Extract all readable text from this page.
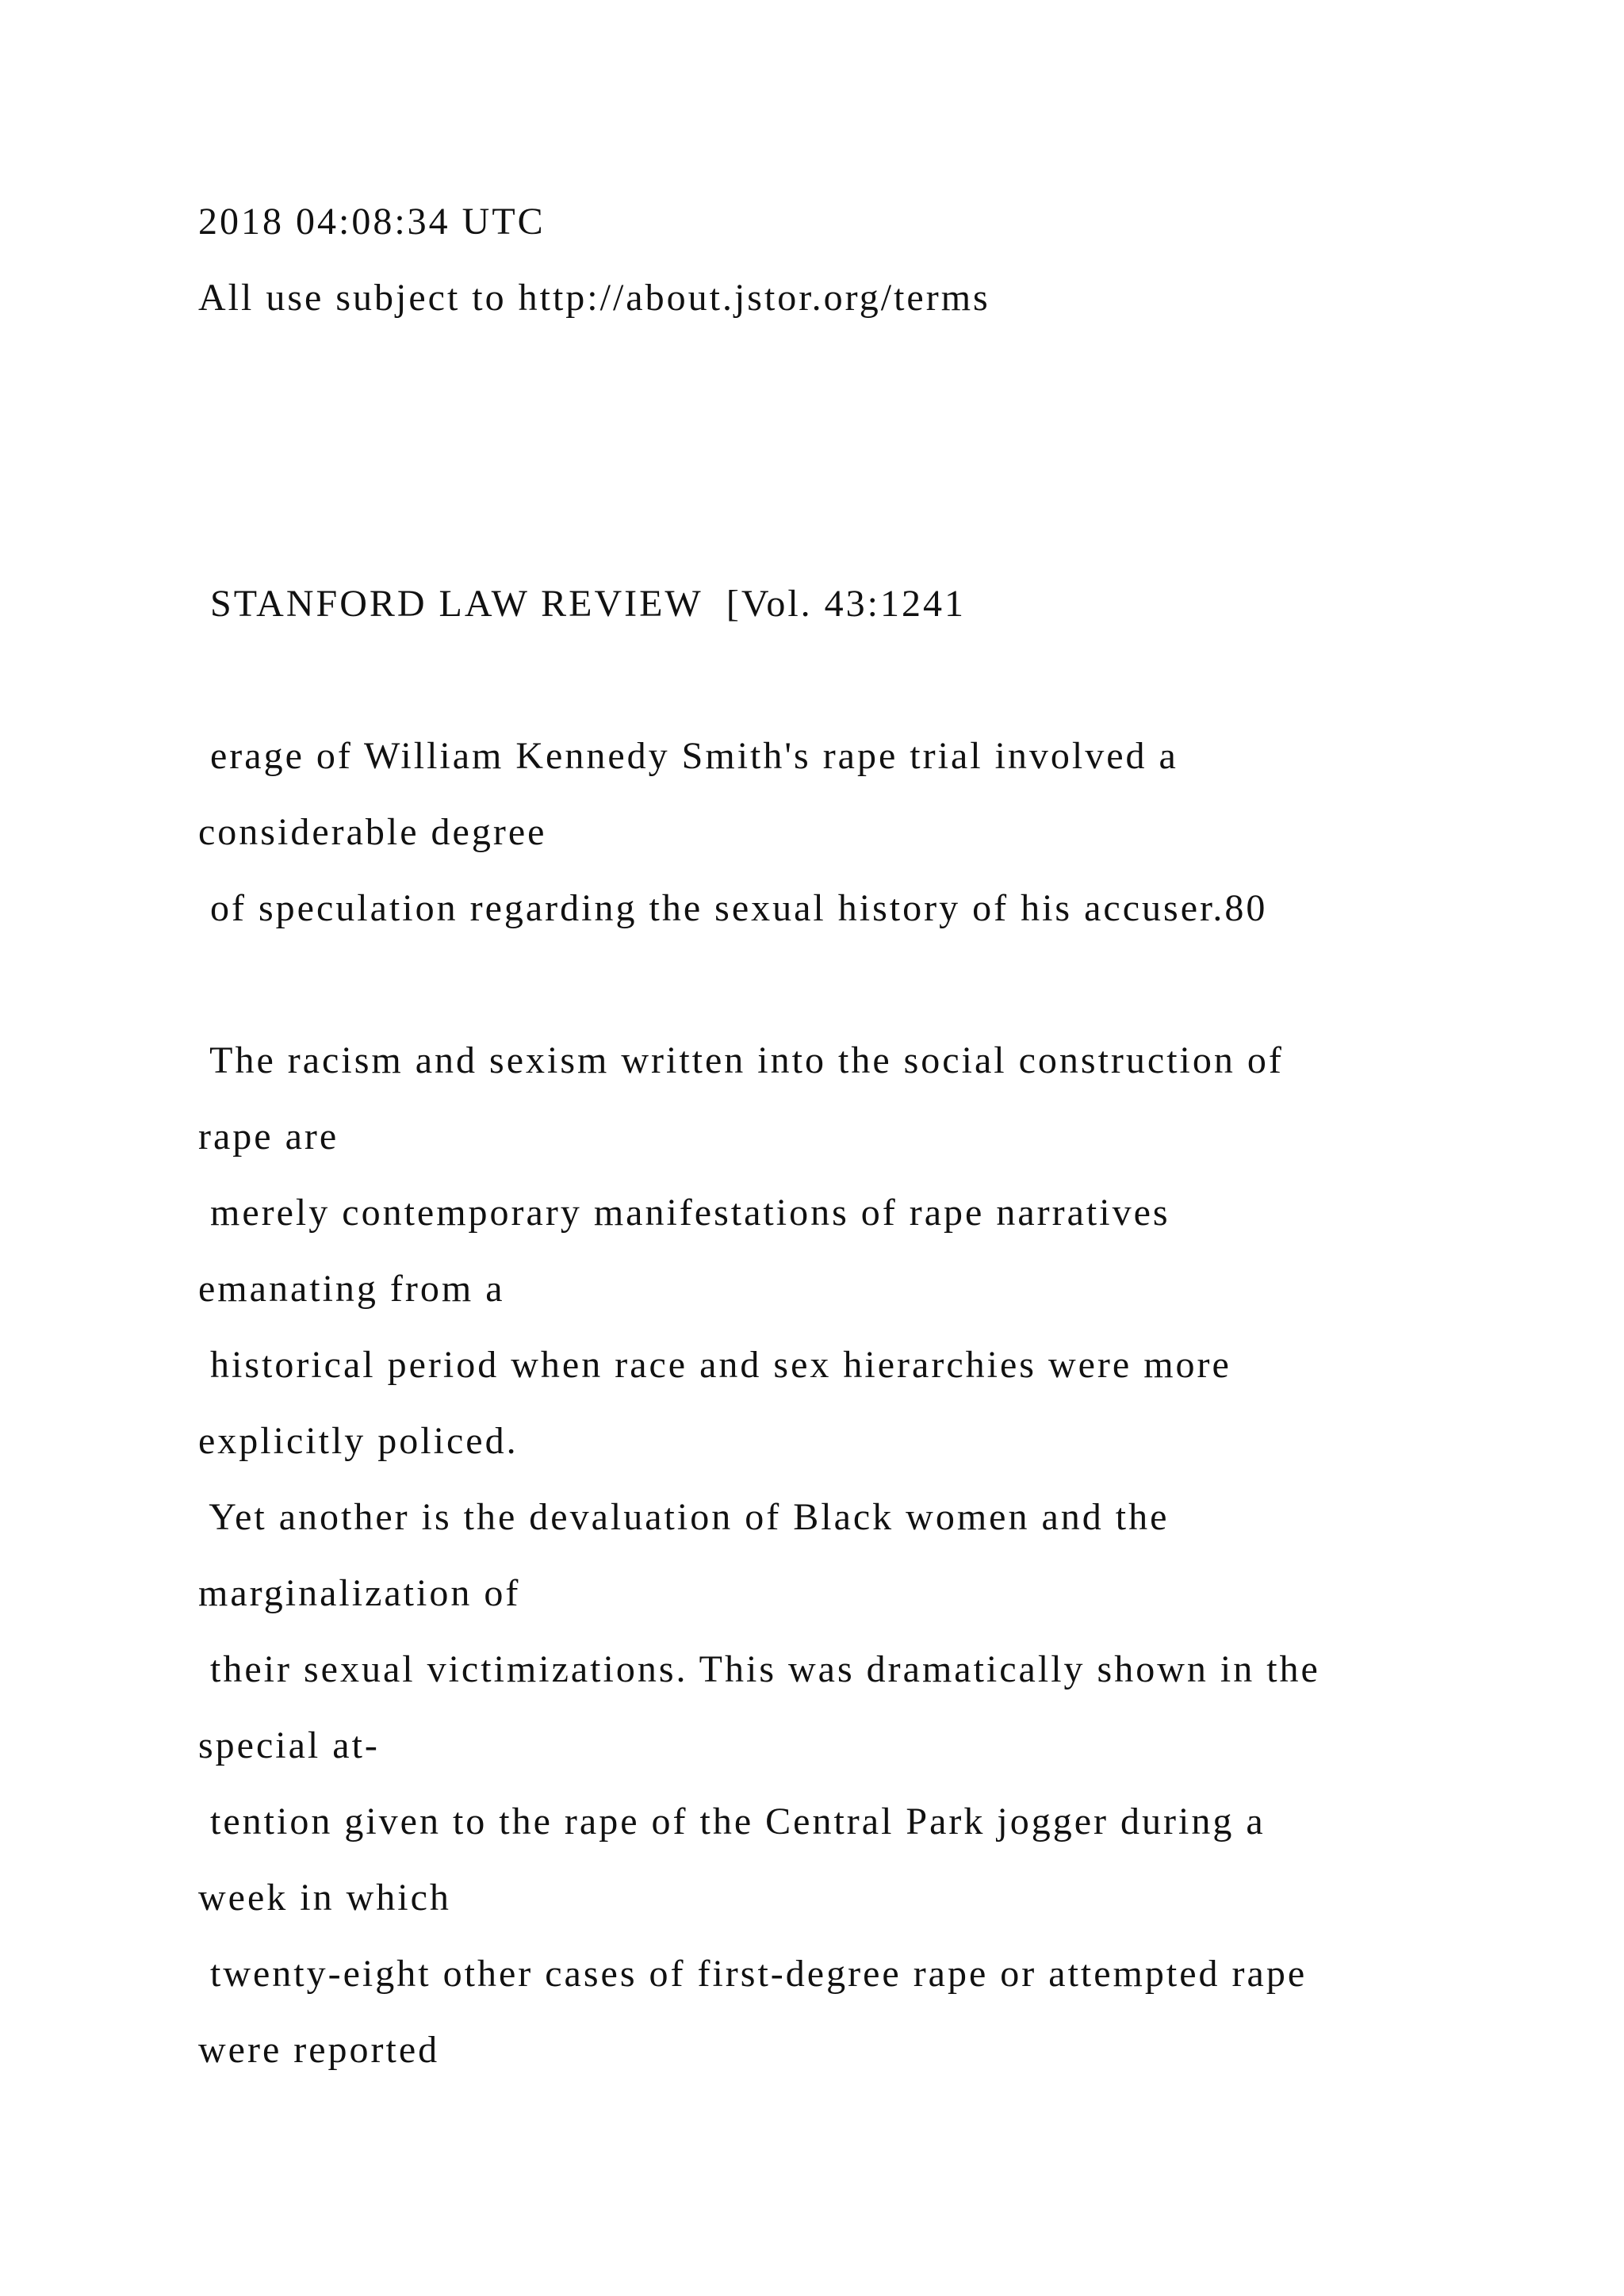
2018 04:08:34 UTC
All use subject to http://about.jstor.org/terms
STANFORD LAW REVIEW  [Vol. 43:1241
erage of William Kennedy Smith's rape trial involved a
considerable degree
of speculation regarding the sexual history of his accuser.80
The racism and sexism written into the social construction of
rape are
merely contemporary manifestations of rape narratives
emanating from a
historical period when race and sex hierarchies were more
explicitly policed.
Yet another is the devaluation of Black women and the
marginalization of
their sexual victimizations. This was dramatically shown in the
special at-
tention given to the rape of the Central Park jogger during a
week in which
twenty-eight other cases of first-degree rape or attempted rape
were reported
